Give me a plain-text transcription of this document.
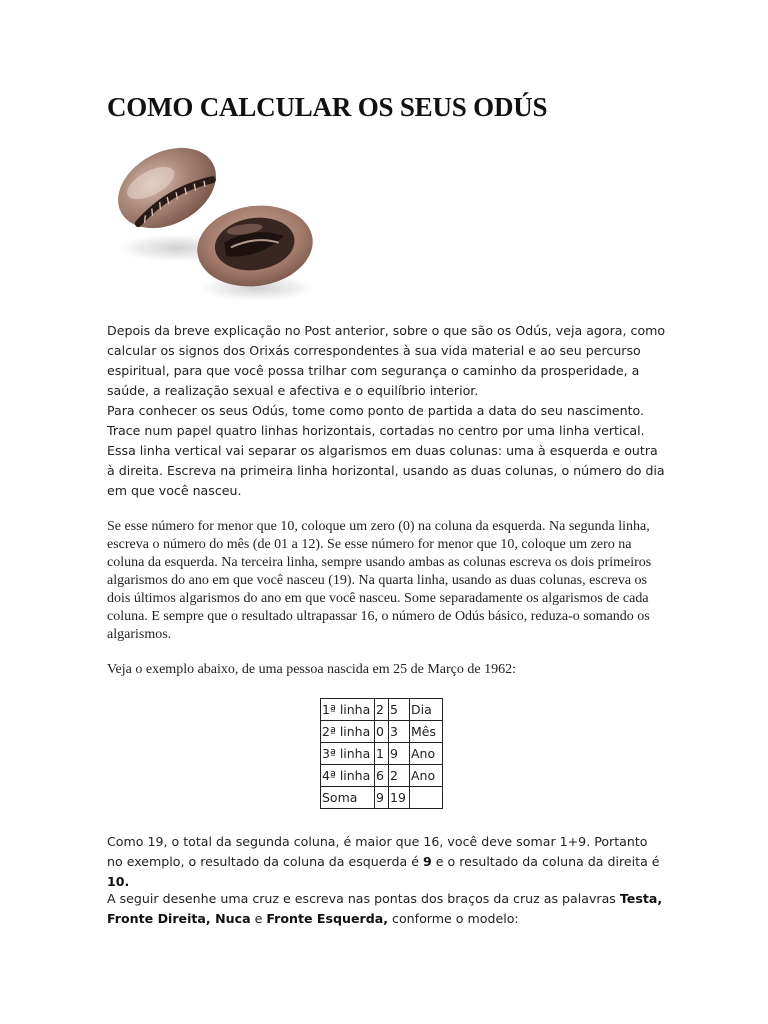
COMO CALCULAR OS SEUS ODÚS

Depois da breve explicação no Post anterior, sobre o que são os Odús, veja agora, como calcular os signos dos Orixás correspondentes à sua vida material e ao seu percurso espiritual, para que você possa trilhar com segurança o caminho da prosperidade, a saúde, a realização sexual e afectiva e o equilíbrio interior.

Para conhecer os seus Odús, tome como ponto de partida a data do seu nascimento. Trace num papel quatro linhas horizontais, cortadas no centro por uma linha vertical. Essa linha vertical vai separar os algarismos em duas colunas: uma à esquerda e outra à direita. Escreva na primeira linha horizontal, usando as duas colunas, o número do dia em que você nasceu.

Se esse número for menor que 10, coloque um zero (0) na coluna da esquerda. Na segunda linha, escreva o número do mês (de 01 a 12). Se esse número for menor que 10, coloque um zero na coluna da esquerda. Na terceira linha, sempre usando ambas as colunas escreva os dois primeiros algarismos do ano em que você nasceu (19). Na quarta linha, usando as duas colunas, escreva os dois últimos algarismos do ano em que você nasceu. Some separadamente os algarismos de cada coluna. E sempre que o resultado ultrapassar 16, o número de Odús básico, reduza-o somando os algarismos.
Veja o exemplo abaixo, de uma pessoa nascida em 25 de Março de 1962:
1ª linha	2	5	Dia
2ª linha	0	3	Mês
3ª linha	1	9	Ano
4ª linha	6	2	Ano
Soma	9	19	

Como 19, o total da segunda coluna, é maior que 16, você deve somar 1+9. Portanto no exemplo, o resultado da coluna da esquerda é 9 e o resultado da coluna da direita é 10.

A seguir desenhe uma cruz e escreva nas pontas dos braços da cruz as palavras Testa,
Fronte Direita, Nuca e Fronte Esquerda, conforme o modelo:
